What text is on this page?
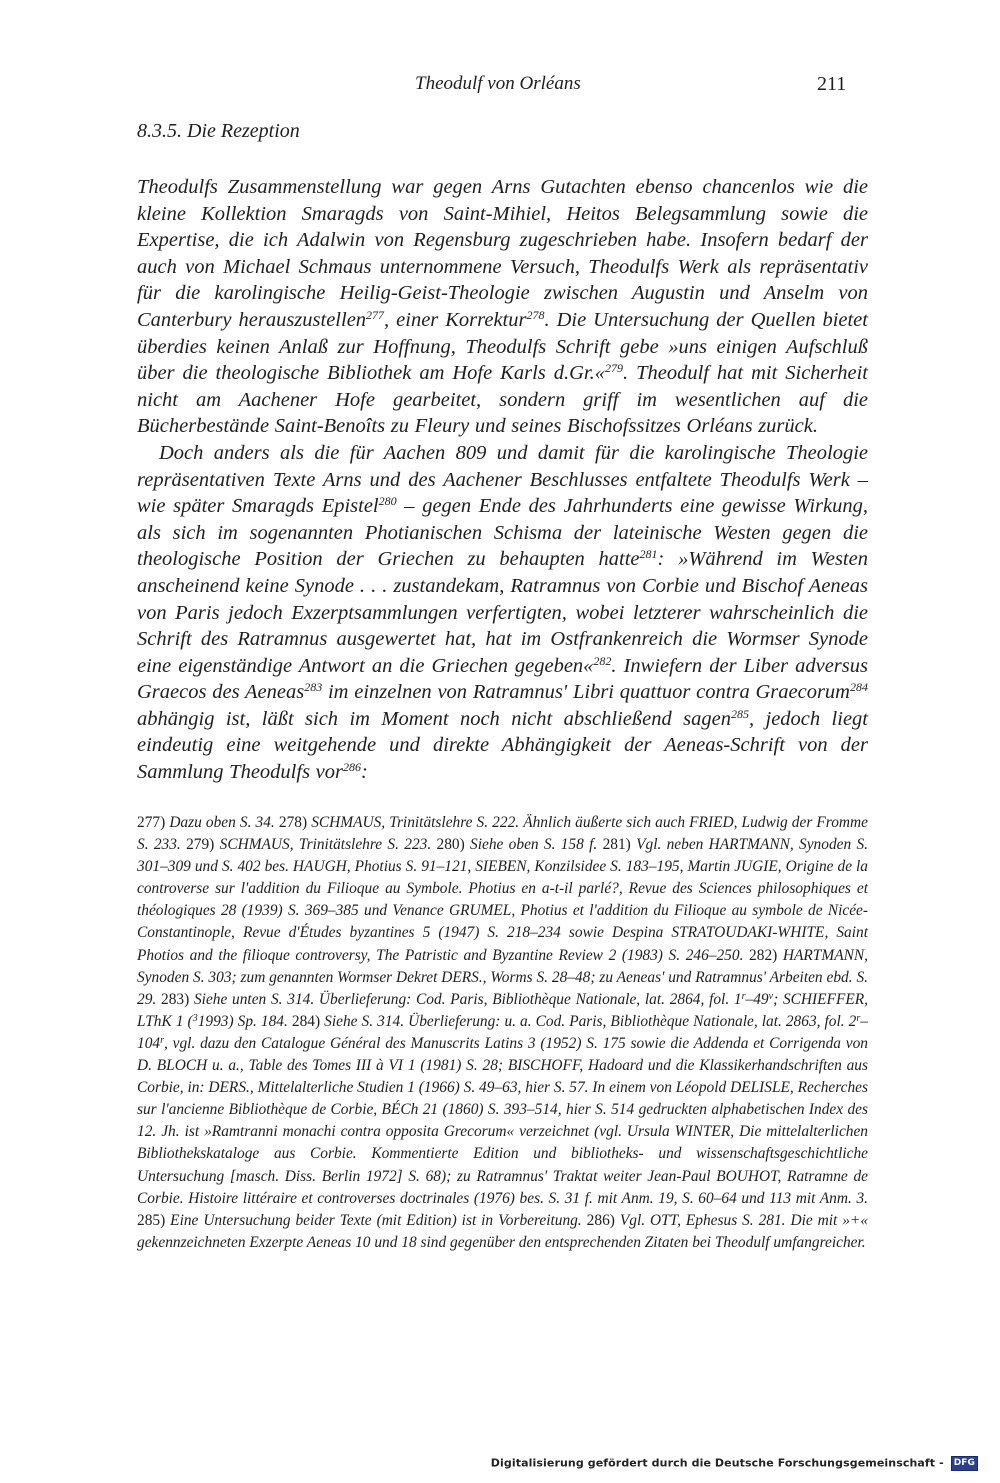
Theodulf von Orléans	211
8.3.5. Die Rezeption

Theodulfs Zusammenstellung war gegen Arns Gutachten ebenso chancenlos wie die kleine Kollektion Smaragds von Saint-Mihiel, Heitos Belegsammlung sowie die Expertise, die ich Adalwin von Regensburg zugeschrieben habe. Insofern bedarf der auch von Michael Schmaus unternommene Versuch, Theodulfs Werk als repräsentativ für die karolingische Heilig-Geist-Theologie zwischen Augustin und Anselm von Canterbury herauszustellen$^{277}$, einer Korrektur$^{278}$. Die Untersuchung der Quellen bietet überdies keinen Anlaß zur Hoffnung, Theodulfs Schrift gebe »uns einigen Aufschluß über die theologische Bibliothek am Hofe Karls d.Gr.«$^{279}$. Theodulf hat mit Sicherheit nicht am Aachener Hofe gearbeitet, sondern griff im wesentlichen auf die Bücherbestände Saint-Benoîts zu Fleury und seines Bischofssitzes Orléans zurück.

Doch anders als die für Aachen 809 und damit für die karolingische Theologie repräsentativen Texte Arns und des Aachener Beschlusses entfaltete Theodulfs Werk – wie später Smaragds Epistel$^{280}$ – gegen Ende des Jahrhunderts eine gewisse Wirkung, als sich im sogenannten Photianischen Schisma der lateinische Westen gegen die theologische Position der Griechen zu behaupten hatte$^{281}$: »Während im Westen anscheinend keine Synode . . . zustandekam, Ratramnus von Corbie und Bischof Aeneas von Paris jedoch Exzerptsammlungen verfertigten, wobei letzterer wahrscheinlich die Schrift des Ratramnus ausgewertet hat, hat im Ostfrankenreich die Wormser Synode eine eigenständige Antwort an die Griechen gegeben«$^{282}$. Inwiefern der Liber adversus Graecos des Aeneas$^{283}$ im einzelnen von Ratramnus' Libri quattuor contra Graecorum$^{284}$ abhängig ist, läßt sich im Moment noch nicht abschließend sagen$^{285}$, jedoch liegt eindeutig eine weitgehende und direkte Abhängigkeit der Aeneas-Schrift von der Sammlung Theodulfs vor$^{286}$:

277) Dazu oben S. 34. 278) SCHMAUS, Trinitätslehre S. 222. Ähnlich äußerte sich auch FRIED, Ludwig der Fromme S. 233. 279) SCHMAUS, Trinitätslehre S. 223. 280) Siehe oben S. 158 f. 281) Vgl. neben HARTMANN, Synoden S. 301–309 und S. 402 bes. HAUGH, Photius S. 91–121, SIEBEN, Konzilsidee S. 183–195, Martin JUGIE, Origine de la controverse sur l'addition du Filioque au Symbole. Photius en a-t-il parlé?, Revue des Sciences philosophiques et théologiques 28 (1939) S. 369–385 und Venance GRUMEL, Photius et l'addition du Filioque au symbole de Nicée-Constantinople, Revue d'Études byzantines 5 (1947) S. 218–234 sowie Despina STRATOUDAKI-WHITE, Saint Photios and the filioque controversy, The Patristic and Byzantine Review 2 (1983) S. 246–250. 282) HARTMANN, Synoden S. 303; zum genannten Wormser Dekret DERS., Worms S. 28–48; zu Aeneas' und Ratramnus' Arbeiten ebd. S. 29. 283) Siehe unten S. 314. Überlieferung: Cod. Paris, Bibliothèque Nationale, lat. 2864, fol. 1$^r$–49$^v$; SCHIEFFER, LThK 1 ($^3$1993) Sp. 184. 284) Siehe S. 314. Überlieferung: u. a. Cod. Paris, Bibliothèque Nationale, lat. 2863, fol. 2$^r$–104$^r$, vgl. dazu den Catalogue Général des Manuscrits Latins 3 (1952) S. 175 sowie die Addenda et Corrigenda von D. BLOCH u. a., Table des Tomes III à VI 1 (1981) S. 28; BISCHOFF, Hadoard und die Klassikerhandschriften aus Corbie, in: DERS., Mittelalterliche Studien 1 (1966) S. 49–63, hier S. 57. In einem von Léopold DELISLE, Recherches sur l'ancienne Bibliothèque de Corbie, BÉCh 21 (1860) S. 393–514, hier S. 514 gedruckten alphabetischen Index des 12. Jh. ist »Ramtranni monachi contra opposita Grecorum« verzeichnet (vgl. Ursula WINTER, Die mittelalterlichen Bibliothekskataloge aus Corbie. Kommentierte Edition und bibliotheks- und wissenschaftsgeschichtliche Untersuchung [masch. Diss. Berlin 1972] S. 68); zu Ratramnus' Traktat weiter Jean-Paul BOUHOT, Ratramne de Corbie. Histoire littéraire et controverses doctrinales (1976) bes. S. 31 f. mit Anm. 19, S. 60–64 und 113 mit Anm. 3. 285) Eine Untersuchung beider Texte (mit Edition) ist in Vorbereitung. 286) Vgl. OTT, Ephesus S. 281. Die mit »+« gekennzeichneten Exzerpte Aeneas 10 und 18 sind gegenüber den entsprechenden Zitaten bei Theodulf umfangreicher.
Digitalisierung gefördert durch die Deutsche Forschungsgemeinschaft - DFG
